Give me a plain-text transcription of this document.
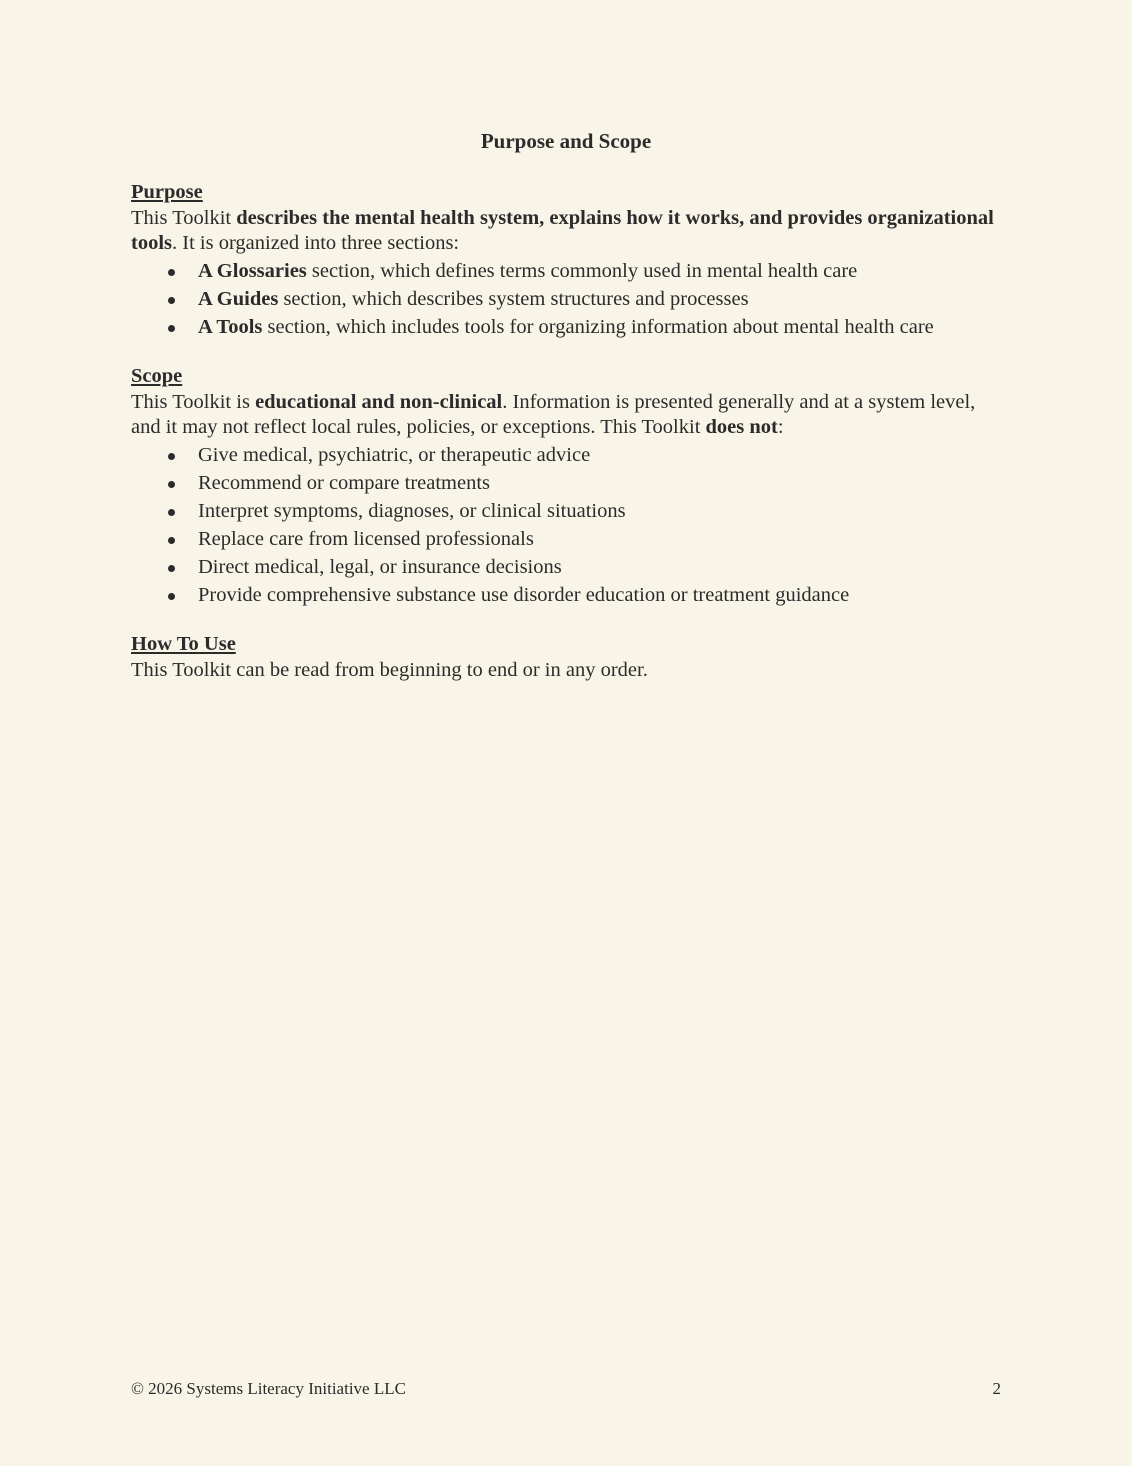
Purpose and Scope

Purpose

This Toolkit describes the mental health system, explains how it works, and provides organizational tools. It is organized into three sections:

A Glossaries section, which defines terms commonly used in mental health care
A Guides section, which describes system structures and processes
A Tools section, which includes tools for organizing information about mental health care

Scope

This Toolkit is educational and non-clinical. Information is presented generally and at a system level, and it may not reflect local rules, policies, or exceptions. This Toolkit does not:

Give medical, psychiatric, or therapeutic advice
Recommend or compare treatments
Interpret symptoms, diagnoses, or clinical situations
Replace care from licensed professionals
Direct medical, legal, or insurance decisions
Provide comprehensive substance use disorder education or treatment guidance

How To Use

This Toolkit can be read from beginning to end or in any order.

© 2026 Systems Literacy Initiative LLC	2
